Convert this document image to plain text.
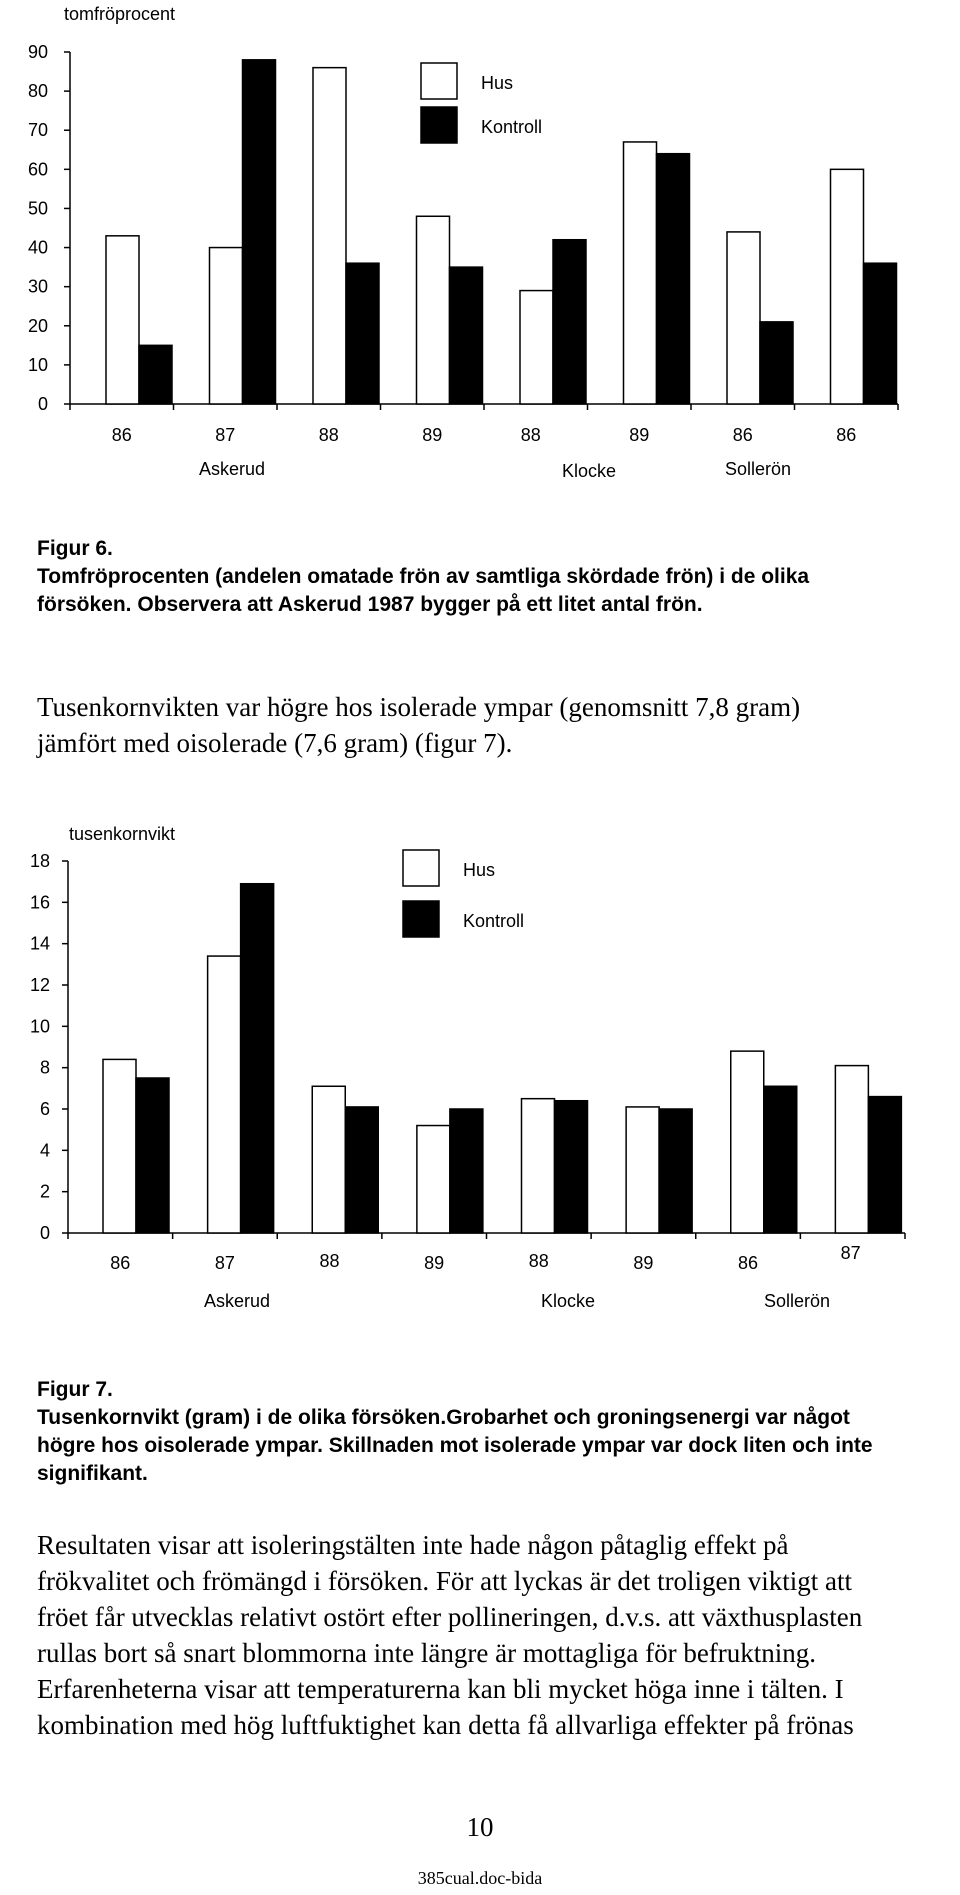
tomfröprocent
0
10
20
30
40
50
60
70
80
90
86	87	88	89	88	89	86	86
Askerud	Klocke	Sollerön
Hus
Kontroll
Figur 6.
Tomfröprocenten (andelen omatade frön av samtliga skördade frön) i de olika
försöken. Observera att Askerud 1987 bygger på ett litet antal frön.
Tusenkornvikten var högre hos isolerade ympar (genomsnitt 7,8 gram)
jämfört med oisolerade (7,6 gram) (figur 7).
tusenkornvikt
0
2
4
6
8
10
12
14
16
18
86	87	88	89	88	89	86	87
Askerud	Klocke	Sollerön
Hus
Kontroll
Figur 7.
Tusenkornvikt (gram) i de olika försöken.Grobarhet och groningsenergi var något
högre hos oisolerade ympar. Skillnaden mot isolerade ympar var dock liten och inte
signifikant.
Resultaten visar att isoleringstälten inte hade någon påtaglig effekt på
frökvalitet och frömängd i försöken. För att lyckas är det troligen viktigt att
fröet får utvecklas relativt ostört efter pollineringen, d.v.s. att växthusplasten
rullas bort så snart blommorna inte längre är mottagliga för befruktning.
Erfarenheterna visar att temperaturerna kan bli mycket höga inne i tälten. I
kombination med hög luftfuktighet kan detta få allvarliga effekter på frönas
10
385cual.doc-bida
